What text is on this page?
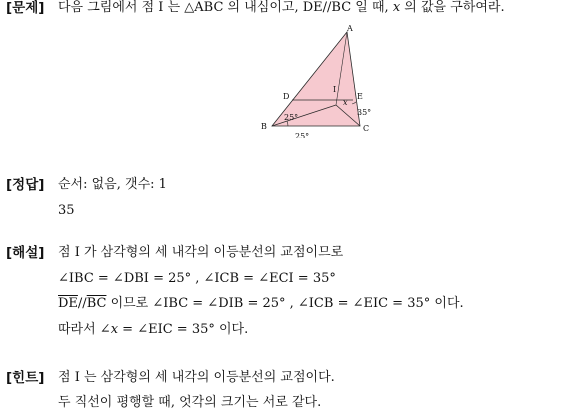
[문제] 다음 그림에서 점 I 는 △ABC 의 내심이고, $\overline{DE}//\overline{BC}$ 일 때, x 의 값을 구하여라.
A
B	C
D	E
I
x
25°
35°
25°
[정답] 순서: 없음, 갯수: 1
35
[해설] 점 I 가 삼각형의 세 내각의 이등분선의 교점이므로
∠IBC = ∠DBI = 25° , ∠ICB = ∠ECI = 35°
$\overline{DE}//\overline{BC}$ 이므로 ∠IBC = ∠DIB = 25° , ∠ICB = ∠EIC = 35° 이다.
따라서 ∠x = ∠EIC = 35° 이다.
[힌트] 점 I 는 삼각형의 세 내각의 이등분선의 교점이다.
두 직선이 평행할 때, 엇각의 크기는 서로 같다.
